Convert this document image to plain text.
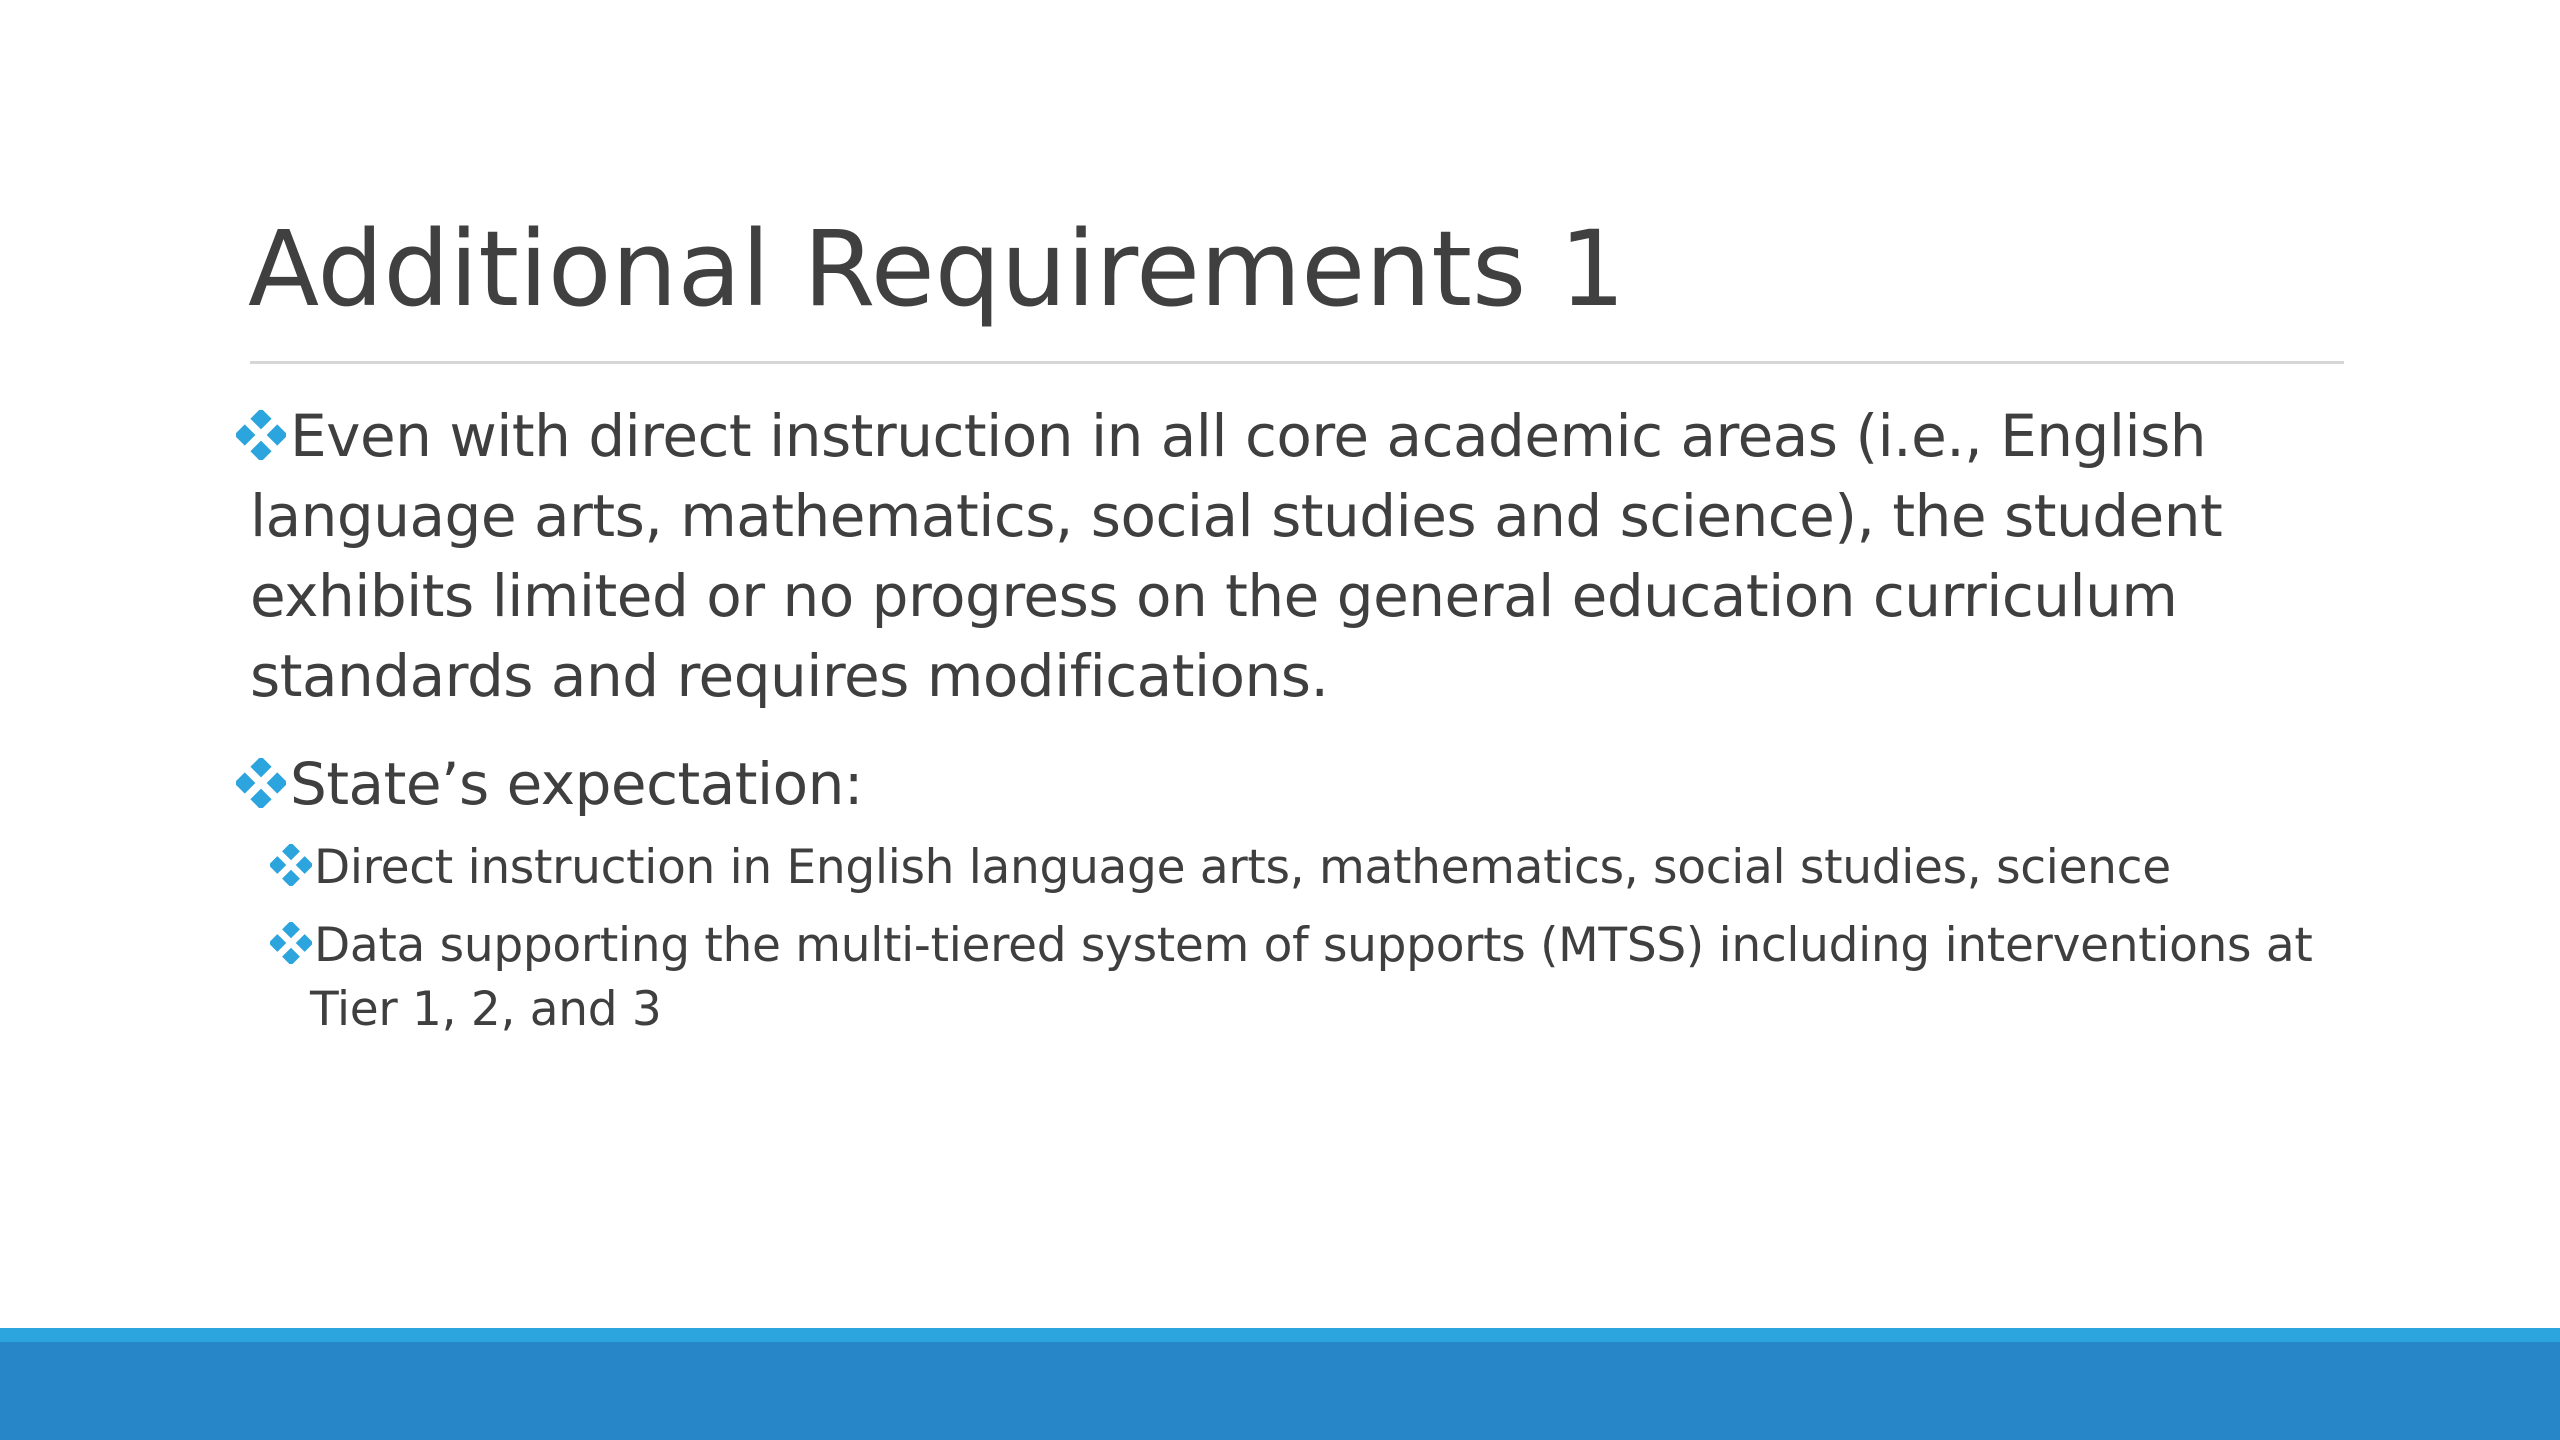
Additional Requirements 1
Even with direct instruction in all core academic areas (i.e., English language arts, mathematics, social studies and science), the student exhibits limited or no progress on the general education curriculum standards and requires modifications.
State’s expectation:
Direct instruction in English language arts, mathematics, social studies, science
Data supporting the multi-tiered system of supports (MTSS) including interventions at Tier 1, 2, and 3
